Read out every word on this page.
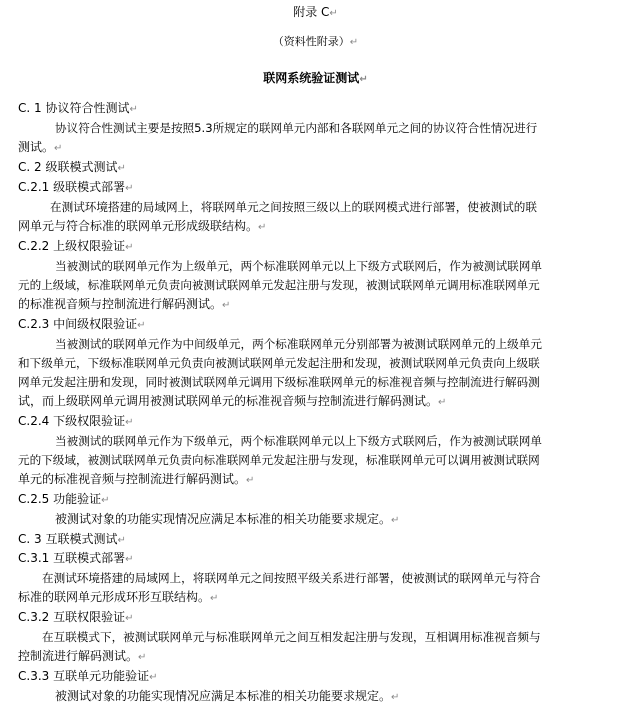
附录 C↵
（资料性附录）↵
联网系统验证测试↵
C. 1 协议符合性测试↵
协议符合性测试主要是按照5.3所规定的联网单元内部和各联网单元之间的协议符合性情况进行
测试。↵
C. 2 级联模式测试↵
C.2.1 级联模式部署↵
在测试环境搭建的局域网上，将联网单元之间按照三级以上的联网模式进行部署，使被测试的联
网单元与符合标准的联网单元形成级联结构。↵
C.2.2 上级权限验证↵
当被测试的联网单元作为上级单元，两个标准联网单元以上下级方式联网后，作为被测试联网单
元的上级域，标准联网单元负责向被测试联网单元发起注册与发现，被测试联网单元调用标准联网单元
的标准视音频与控制流进行解码测试。↵
C.2.3 中间级权限验证↵
当被测试的联网单元作为中间级单元，两个标准联网单元分别部署为被测试联网单元的上级单元
和下级单元，下级标准联网单元负责向被测试联网单元发起注册和发现，被测试联网单元负责向上级联
网单元发起注册和发现，同时被测试联网单元调用下级标准联网单元的标准视音频与控制流进行解码测
试，而上级联网单元调用被测试联网单元的标准视音频与控制流进行解码测试。↵
C.2.4 下级权限验证↵
当被测试的联网单元作为下级单元，两个标准联网单元以上下级方式联网后，作为被测试联网单
元的下级域，被测试联网单元负责向标准联网单元发起注册与发现，标准联网单元可以调用被测试联网
单元的标准视音频与控制流进行解码测试。↵
C.2.5 功能验证↵
被测试对象的功能实现情况应满足本标准的相关功能要求规定。↵
C. 3 互联模式测试↵
C.3.1 互联模式部署↵
在测试环境搭建的局域网上，将联网单元之间按照平级关系进行部署，使被测试的联网单元与符合
标准的联网单元形成环形互联结构。↵
C.3.2 互联权限验证↵
在互联模式下，被测试联网单元与标准联网单元之间互相发起注册与发现，互相调用标准视音频与
控制流进行解码测试。↵
C.3.3 互联单元功能验证↵
被测试对象的功能实现情况应满足本标准的相关功能要求规定。↵
